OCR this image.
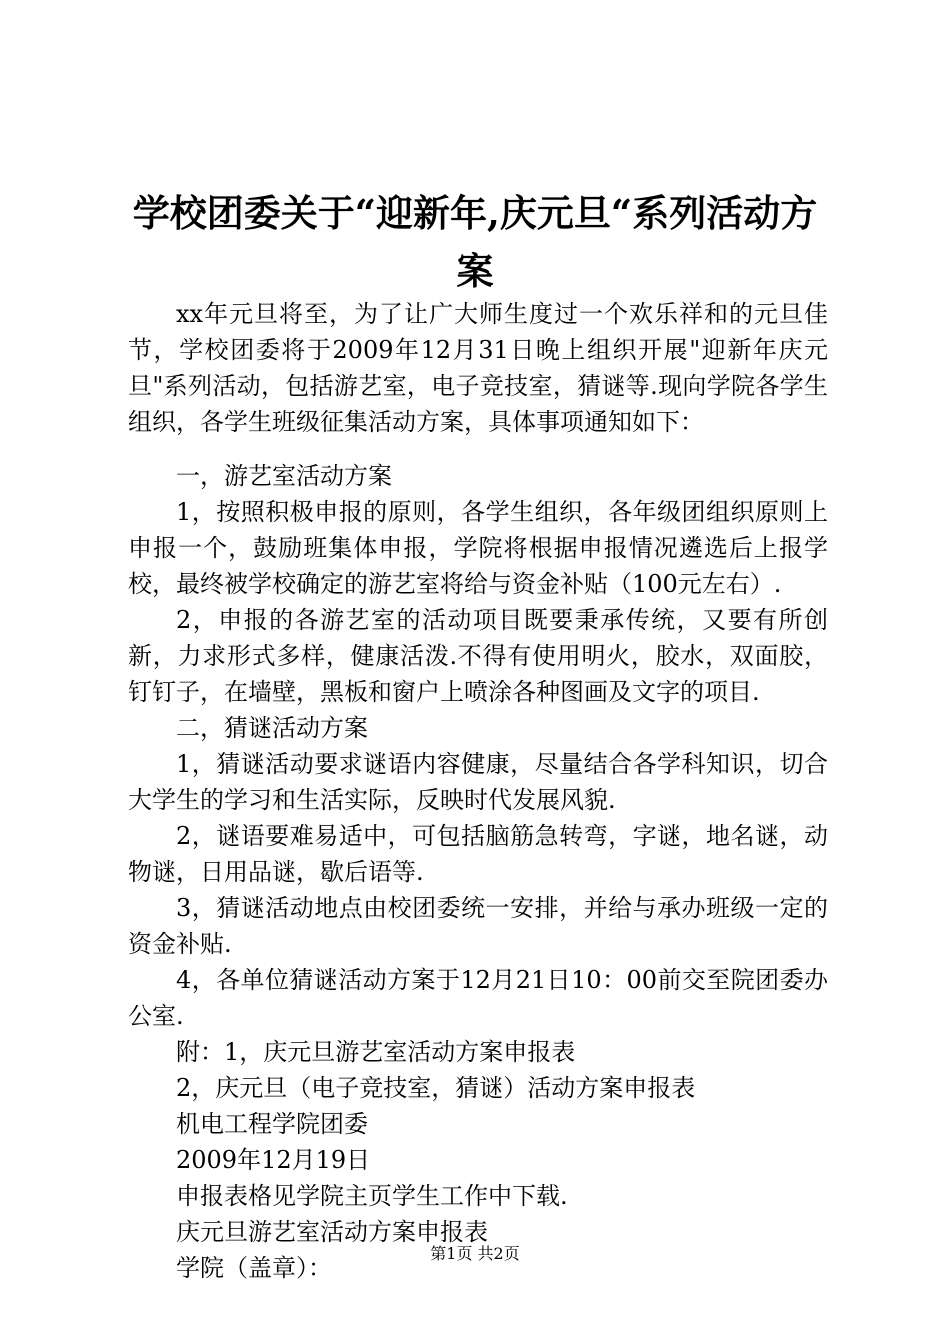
学校团委关于“迎新年,庆元旦“系列活动方
案

xx年元旦将至，为了让广大师生度过一个欢乐祥和的元旦佳节，学校团委将于2009年12月31日晚上组织开展"迎新年庆元旦"系列活动，包括游艺室，电子竞技室，猜谜等.现向学院各学生组织，各学生班级征集活动方案，具体事项通知如下：

一，游艺室活动方案

1，按照积极申报的原则，各学生组织，各年级团组织原则上申报一个，鼓励班集体申报，学院将根据申报情况遴选后上报学校，最终被学校确定的游艺室将给与资金补贴（100元左右）.

2，申报的各游艺室的活动项目既要秉承传统，又要有所创新，力求形式多样，健康活泼.不得有使用明火，胶水，双面胶，钉钉子，在墙壁，黑板和窗户上喷涂各种图画及文字的项目.

二，猜谜活动方案

1，猜谜活动要求谜语内容健康，尽量结合各学科知识，切合大学生的学习和生活实际，反映时代发展风貌.

2，谜语要难易适中，可包括脑筋急转弯，字谜，地名谜，动物谜，日用品谜，歇后语等.

3，猜谜活动地点由校团委统一安排，并给与承办班级一定的资金补贴.

4，各单位猜谜活动方案于12月21日10：00前交至院团委办公室.

附：1，庆元旦游艺室活动方案申报表

2，庆元旦（电子竞技室，猜谜）活动方案申报表

机电工程学院团委

2009年12月19日

申报表格见学院主页学生工作中下载.

庆元旦游艺室活动方案申报表

学院（盖章）：

第1页 共2页
